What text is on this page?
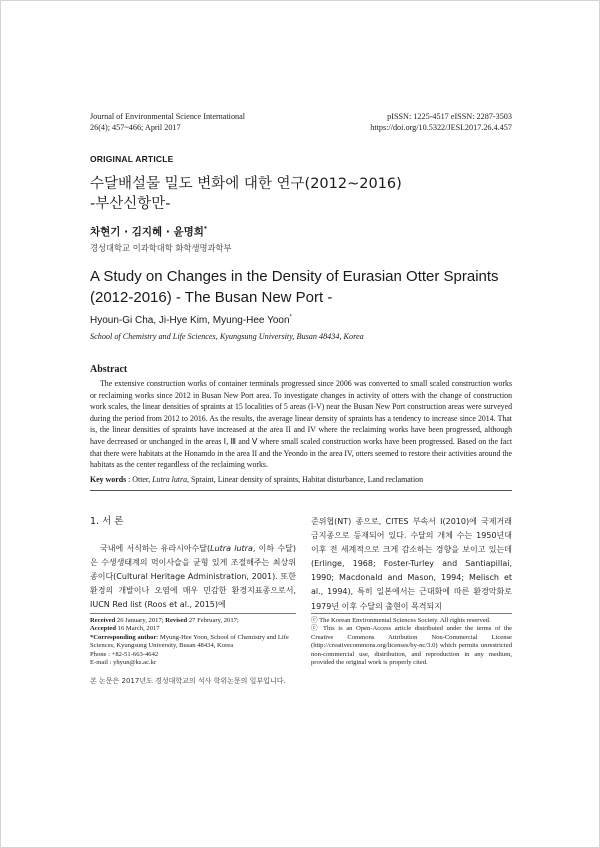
Journal of Environmental Science International
26(4); 457~466; April 2017
pISSN: 1225-4517 eISSN: 2287-3503
https://doi.org/10.5322/JESI.2017.26.4.457
ORIGINAL ARTICLE
수달배설물 밀도 변화에 대한 연구(2012~2016)
-부산신항만-
차현기 · 김지혜 · 윤명희*
경성대학교 이과학대학 화학생명과학부
A Study on Changes in the Density of Eurasian Otter Spraints
(2012-2016) - The Busan New Port -
Hyoun-Gi Cha, Ji-Hye Kim, Myung-Hee Yoon*
School of Chemistry and Life Sciences, Kyungsung University, Busan 48434, Korea
Abstract
The extensive construction works of container terminals progressed since 2006 was converted to small scaled construction works or reclaiming works since 2012 in Busan New Port area. To investigate changes in activity of otters with the change of construction work scales, the linear densities of spraints at 15 localities of 5 areas (I-V) near the Busan New Port construction areas were surveyed during the period from 2012 to 2016. As the results, the average linear density of spraints has a tendency to increase since 2014. That is, the linear densities of spraints have increased at the area II and IV where the reclaiming works have been progressed, although have decreased or unchanged in the areas Ⅰ, Ⅲ and Ⅴ where small scaled construction works have been progressed. Based on the fact that there were habitats at the Honamdo in the area II and the Yeondo in the area IV, otters seemed to restore their activities around the habitats as the center regardless of the reclaiming works.
Key words : Otter, Lutra lutra, Spraint, Linear density of spraints, Habitat disturbance, Land reclamation
1. 서 론
국내에 서식하는 유라시아수달(Lutra lutra, 이하 수달)은 수생생태계의 먹이사슬을 균형 있게 조절해주는 최상위 종이다(Cultural Heritage Administration, 2001). 또한 환경의 개발이나 오염에 매우 민감한 환경지표종으로서, IUCN Red list (Roos et al., 2015)에
준위협(NT) 종으로, CITES 부속서 I(2010)에 국제거래 금지종으로 등재되어 있다. 수달의 개체 수는 1950년대 이후 전 세계적으로 크게 감소하는 경향을 보이고 있는데(Erlinge, 1968; Foster-Turley and Santiapillai, 1990; Macdonald and Mason, 1994; Melisch et al., 1994), 특히 일본에서는 근대화에 따른 환경악화로 1979년 이후 수달의 출현이 목격되지
Received 26 January, 2017; Revised 27 February, 2017;
Accepted 16 March, 2017
*Corresponding author: Myung-Hee Yoon, School of Chemistry and Life Sciences, Kyungsung University, Busan 48434, Korea
Phone : +82-51-663-4642
E-mail : yhyun@ks.ac.kr
ⓒ The Korean Environmental Sciences Society. All rights reserved.
ⓒ This is an Open-Access article distributed under the terms of the Creative Commons Attribution Non-Commercial License (http://creativecommons.org/licenses/by-nc/3.0) which permits unrestricted non-commercial use, distribution, and reproduction in any medium, provided the original work is properly cited.
본 논문은 2017년도 경성대학교의 석사 학위논문의 일부입니다.
